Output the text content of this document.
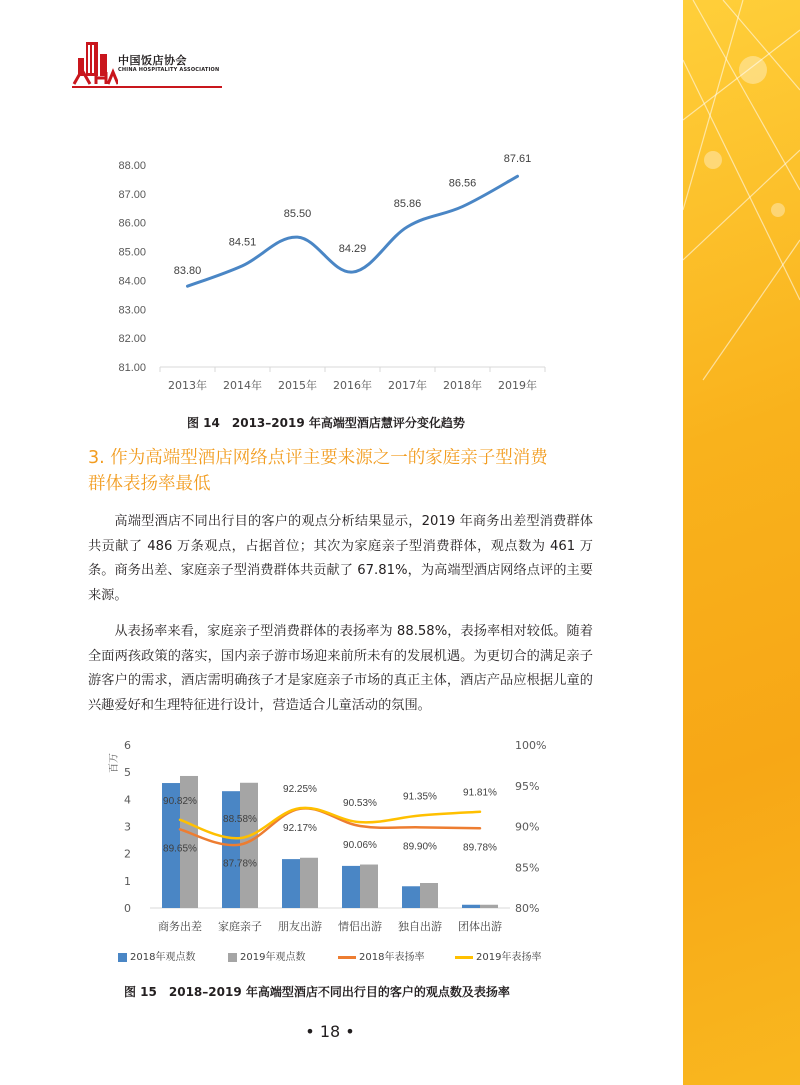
中国饭店协会
CHINA HOSPITALITY ASSOCIATION
81.00
82.00
83.00
84.00
85.00
86.00
87.00
88.00
2013年 2014年 2015年 2016年 2017年 2018年 2019年
83.80
84.51
85.50
84.29
85.86
86.56
87.61
图 14　2013–2019 年高端型酒店慧评分变化趋势
3. 作为高端型酒店网络点评主要来源之一的家庭亲子型消费
群体表扬率最低

高端型酒店不同出行目的客户的观点分析结果显示，2019 年商务出差型消费群体共贡献了 486 万条观点，占据首位；其次为家庭亲子型消费群体，观点数为 461 万条。商务出差、家庭亲子型消费群体共贡献了 67.81%，为高端型酒店网络点评的主要来源。

从表扬率来看，家庭亲子型消费群体的表扬率为 88.58%，表扬率相对较低。随着全面两孩政策的落实，国内亲子游市场迎来前所未有的发展机遇。为更切合的满足亲子游客户的需求，酒店需明确孩子才是家庭亲子市场的真正主体，酒店产品应根据儿童的兴趣爱好和生理特征进行设计，营造适合儿童活动的氛围。

0
1
2
3
4
5
6
百万
80%
85%
90%
95%
100%
商务出差 家庭亲子 朋友出游 情侣出游 独自出游 团体出游
90.82%
89.65%
88.58%
87.78%
92.25%
92.17%
90.53%
90.06%
91.35%
89.90%
91.81%
89.78%
2018年观点数	2019年观点数	2018年表扬率	2019年表扬率
图 15　2018–2019 年高端型酒店不同出行目的客户的观点数及表扬率
• 18 •
